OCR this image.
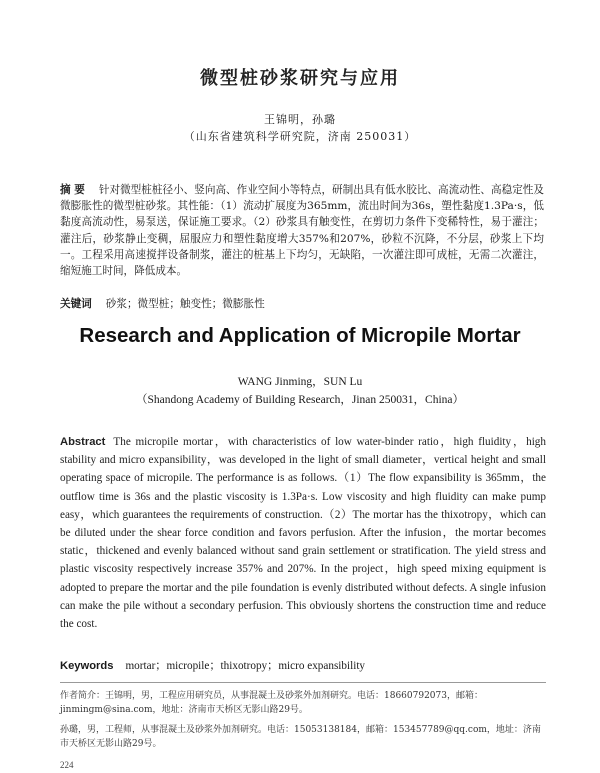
微型桩砂浆研究与应用
王锦明，孙璐
（山东省建筑科学研究院，济南 250031）
摘 要 针对微型桩桩径小、竖向高、作业空间小等特点，研制出具有低水胶比、高流动性、高稳定性及微膨胀性的微型桩砂浆。其性能：（1）流动扩展度为365mm，流出时间为36s，塑性黏度1.3Pa·s，低黏度高流动性，易泵送，保证施工要求。（2）砂浆具有触变性，在剪切力条件下变稀特性，易于灌注；灌注后，砂浆静止变稠，屈服应力和塑性黏度增大357%和207%，砂粒不沉降，不分层，砂浆上下均一。工程采用高速搅拌设备制浆，灌注的桩基上下均匀，无缺陷，一次灌注即可成桩，无需二次灌注，缩短施工时间，降低成本。
关键词 砂浆；微型桩；触变性；微膨胀性
Research and Application of Micropile Mortar
WANG Jinming，SUN Lu
（Shandong Academy of Building Research，Jinan 250031，China）
Abstract The micropile mortar，with characteristics of low water-binder ratio，high fluidity，high stability and micro expansibility，was developed in the light of small diameter，vertical height and small operating space of micropile. The performance is as follows.（1）The flow expansibility is 365mm，the outflow time is 36s and the plastic viscosity is 1.3Pa·s. Low viscosity and high fluidity can make pump easy，which guarantees the requirements of construction.（2）The mortar has the thixotropy，which can be diluted under the shear force condition and favors perfusion. After the infusion，the mortar becomes static，thickened and evenly balanced without sand grain settlement or stratification. The yield stress and plastic viscosity respectively increase 357% and 207%. In the project，high speed mixing equipment is adopted to prepare the mortar and the pile foundation is evenly distributed without defects. A single infusion can make the pile without a secondary perfusion. This obviously shortens the construction time and reduce the cost.
Keywords mortar；micropile；thixotropy；micro expansibility
作者简介：王锦明，男，工程应用研究员，从事混凝土及砂浆外加剂研究。电话：18660792073，邮箱：jinmingm@sina.com，地址：济南市天桥区无影山路29号。
孙璐，男，工程师，从事混凝土及砂浆外加剂研究。电话：15053138184，邮箱：153457789@qq.com，地址：济南市天桥区无影山路29号。
224
